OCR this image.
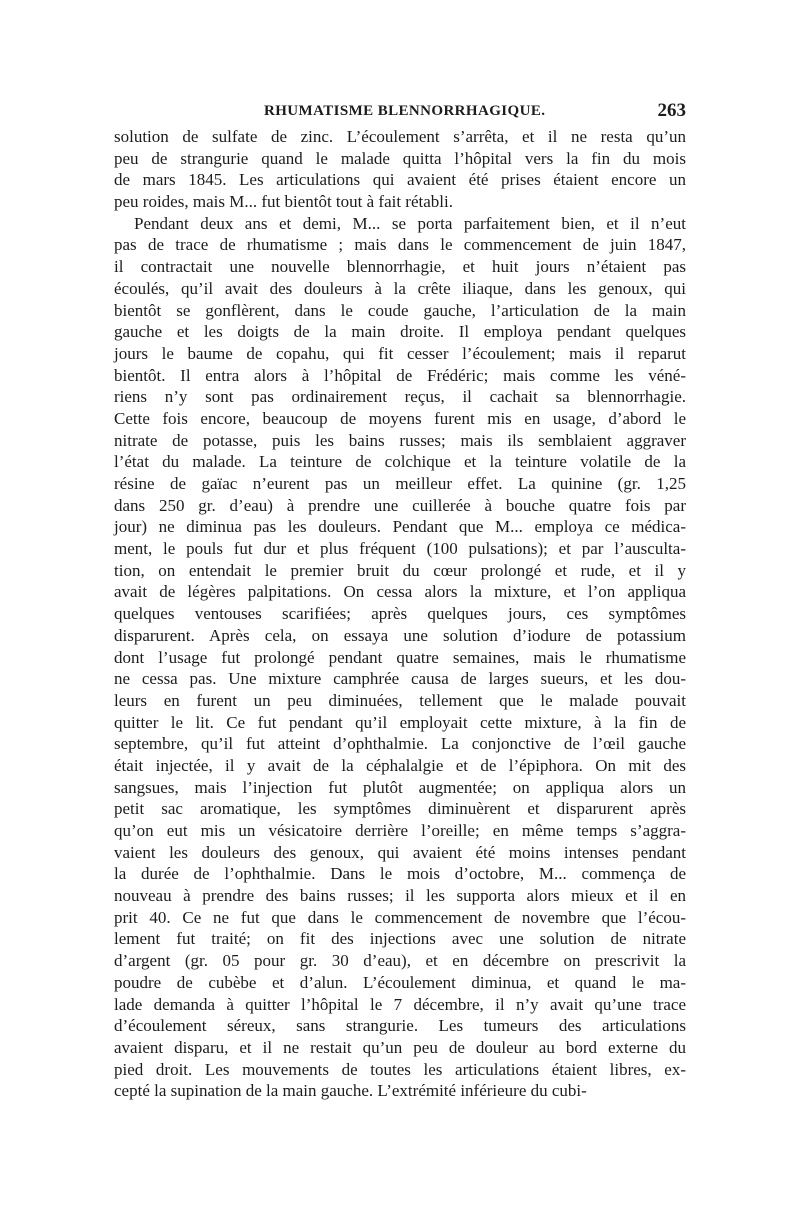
RHUMATISME BLENNORRHAGIQUE.	263
solution de sulfate de zinc. L’écoulement s’arrêta, et il ne resta qu’un
peu de strangurie quand le malade quitta l’hôpital vers la fin du mois
de mars 1845. Les articulations qui avaient été prises étaient encore un
peu roides, mais M... fut bientôt tout à fait rétabli.
Pendant deux ans et demi, M... se porta parfaitement bien, et il n’eut
pas de trace de rhumatisme ; mais dans le commencement de juin 1847,
il contractait une nouvelle blennorrhagie, et huit jours n’étaient pas
écoulés, qu’il avait des douleurs à la crête iliaque, dans les genoux, qui
bientôt se gonflèrent, dans le coude gauche, l’articulation de la main
gauche et les doigts de la main droite. Il employa pendant quelques
jours le baume de copahu, qui fit cesser l’écoulement; mais il reparut
bientôt. Il entra alors à l’hôpital de Frédéric; mais comme les véné-
riens n’y sont pas ordinairement reçus, il cachait sa blennorrhagie.
Cette fois encore, beaucoup de moyens furent mis en usage, d’abord le
nitrate de potasse, puis les bains russes; mais ils semblaient aggraver
l’état du malade. La teinture de colchique et la teinture volatile de la
résine de gaïac n’eurent pas un meilleur effet. La quinine (gr. 1,25
dans 250 gr. d’eau) à prendre une cuillerée à bouche quatre fois par
jour) ne diminua pas les douleurs. Pendant que M... employa ce médica-
ment, le pouls fut dur et plus fréquent (100 pulsations); et par l’ausculta-
tion, on entendait le premier bruit du cœur prolongé et rude, et il y
avait de légères palpitations. On cessa alors la mixture, et l’on appliqua
quelques ventouses scarifiées; après quelques jours, ces symptômes
disparurent. Après cela, on essaya une solution d’iodure de potassium
dont l’usage fut prolongé pendant quatre semaines, mais le rhumatisme
ne cessa pas. Une mixture camphrée causa de larges sueurs, et les dou-
leurs en furent un peu diminuées, tellement que le malade pouvait
quitter le lit. Ce fut pendant qu’il employait cette mixture, à la fin de
septembre, qu’il fut atteint d’ophthalmie. La conjonctive de l’œil gauche
était injectée, il y avait de la céphalalgie et de l’épiphora. On mit des
sangsues, mais l’injection fut plutôt augmentée; on appliqua alors un
petit sac aromatique, les symptômes diminuèrent et disparurent après
qu’on eut mis un vésicatoire derrière l’oreille; en même temps s’aggra-
vaient les douleurs des genoux, qui avaient été moins intenses pendant
la durée de l’ophthalmie. Dans le mois d’octobre, M... commença de
nouveau à prendre des bains russes; il les supporta alors mieux et il en
prit 40. Ce ne fut que dans le commencement de novembre que l’écou-
lement fut traité; on fit des injections avec une solution de nitrate
d’argent (gr. 05 pour gr. 30 d’eau), et en décembre on prescrivit la
poudre de cubèbe et d’alun. L’écoulement diminua, et quand le ma-
lade demanda à quitter l’hôpital le 7 décembre, il n’y avait qu’une trace
d’écoulement séreux, sans strangurie. Les tumeurs des articulations
avaient disparu, et il ne restait qu’un peu de douleur au bord externe du
pied droit. Les mouvements de toutes les articulations étaient libres, ex-
cepté la supination de la main gauche. L’extrémité inférieure du cubi-
